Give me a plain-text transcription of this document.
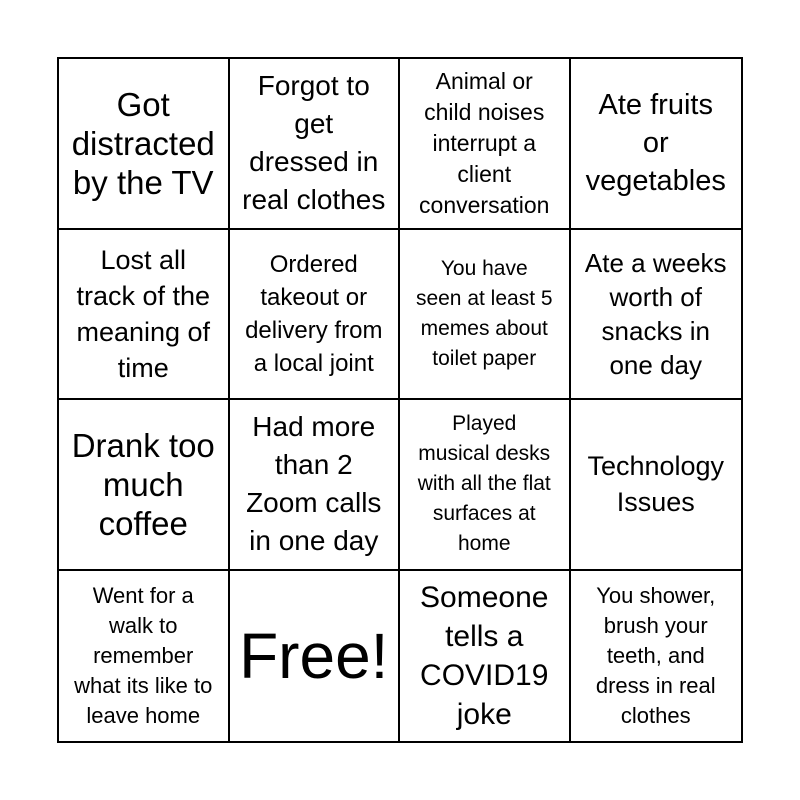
Got
distracted
by the TV
Forgot to
get
dressed in
real clothes
Animal or
child noises
interrupt a
client
conversation
Ate fruits
or
vegetables
Lost all
track of the
meaning of
time
Ordered
takeout or
delivery from
a local joint
You have
seen at least 5
memes about
toilet paper
Ate a weeks
worth of
snacks in
one day
Drank too
much
coffee
Had more
than 2
Zoom calls
in one day
Played
musical desks
with all the flat
surfaces at
home
Technology
Issues
Went for a
walk to
remember
what its like to
leave home
Free!
Someone
tells a
COVID19
joke
You shower,
brush your
teeth, and
dress in real
clothes
